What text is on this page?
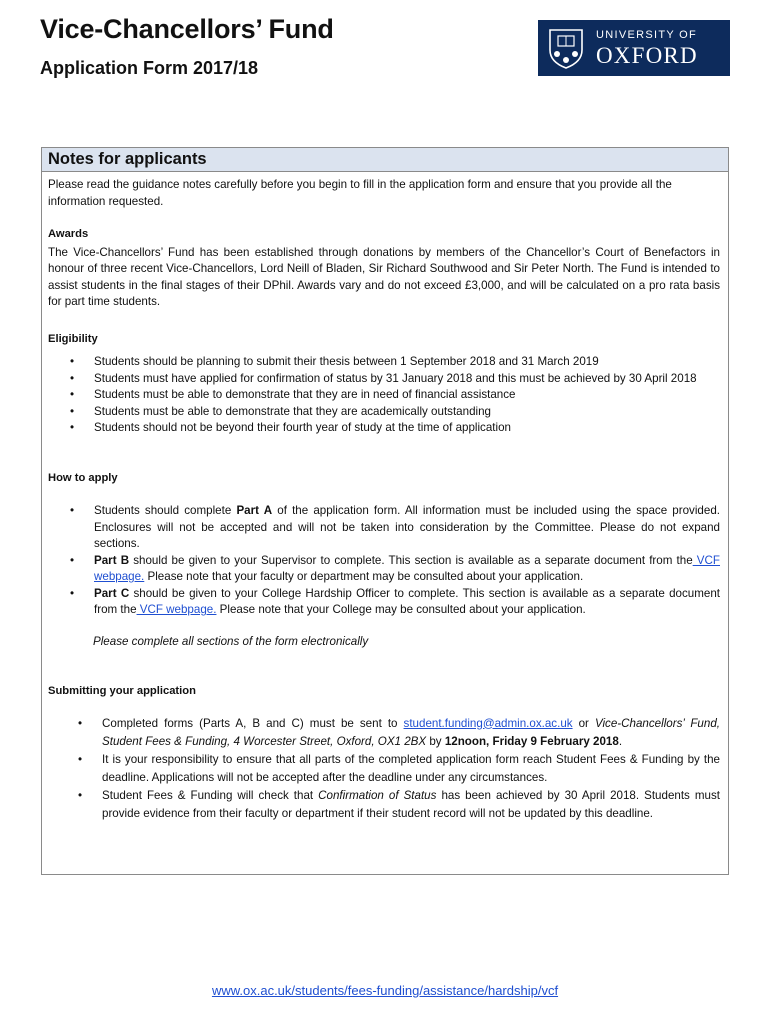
Vice-Chancellors’ Fund
Application Form 2017/18
UNIVERSITY OF
OXFORD
Notes for applicants

Please read the guidance notes carefully before you begin to fill in the application form and ensure that you provide all the information requested.

Awards

The Vice-Chancellors’ Fund has been established through donations by members of the Chancellor’s Court of Benefactors in honour of three recent Vice-Chancellors, Lord Neill of Bladen, Sir Richard Southwood and Sir Peter North. The Fund is intended to assist students in the final stages of their DPhil. Awards vary and do not exceed £3,000, and will be calculated on a pro rata basis for part time students.

Eligibility

• Students should be planning to submit their thesis between 1 September 2018 and 31 March 2019
• Students must have applied for confirmation of status by 31 January 2018 and this must be achieved by 30 April 2018
• Students must be able to demonstrate that they are in need of financial assistance
• Students must be able to demonstrate that they are academically outstanding
• Students should not be beyond their fourth year of study at the time of application

How to apply

• Students should complete Part A of the application form. All information must be included using the space provided. Enclosures will not be accepted and will not be taken into consideration by the Committee. Please do not expand sections.
• Part B should be given to your Supervisor to complete. This section is available as a separate document from the VCF webpage. Please note that your faculty or department may be consulted about your application.
• Part C should be given to your College Hardship Officer to complete. This section is available as a separate document from the VCF webpage. Please note that your College may be consulted about your application.

Please complete all sections of the form electronically

Submitting your application

• Completed forms (Parts A, B and C) must be sent to student.funding@admin.ox.ac.uk or Vice-Chancellors’ Fund, Student Fees & Funding, 4 Worcester Street, Oxford, OX1 2BX by 12noon, Friday 9 February 2018.
• It is your responsibility to ensure that all parts of the completed application form reach Student Fees & Funding by the deadline. Applications will not be accepted after the deadline under any circumstances.
• Student Fees & Funding will check that Confirmation of Status has been achieved by 30 April 2018. Students must provide evidence from their faculty or department if their student record will not be updated by this deadline.
www.ox.ac.uk/students/fees-funding/assistance/hardship/vcf
